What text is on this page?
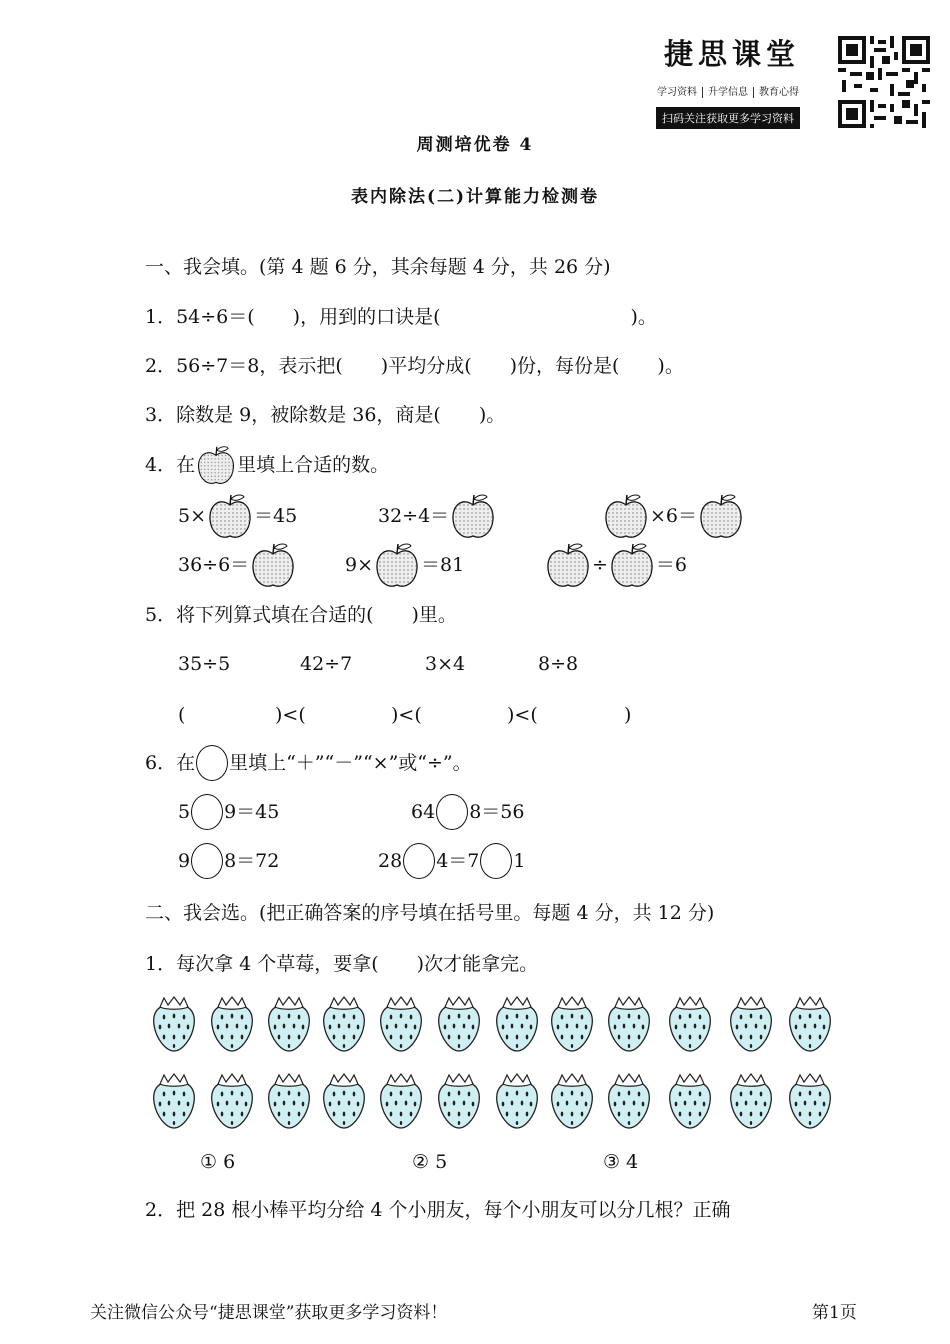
捷思课堂
学习资料 升学信息 教育心得
扫码关注获取更多学习资料
周测培优卷 4
表内除法(二)计算能力检测卷
一、我会填。(第 4 题 6 分，其余每题 4 分，共 26 分)
1．54÷6＝(　　)，用到的口诀是(　　　　　　　　　　)。
2．56÷7＝8，表示把(　　)平均分成(　　)份，每份是(　　)。
3．除数是 9，被除数是 36，商是(　　)。
4．在 里填上合适的数。
5×	＝45	32÷4＝	×6＝
36÷6＝	9×	＝81	÷	＝6
5．将下列算式填在合适的(　　)里。
35÷5	42÷7	3×4	8÷8
(	)<(	)<(	)<(	)
6．在 里填上“＋”“－”“×”或“÷”。
5 9＝45	64 8＝56
9 8＝72	28 4＝7 1
二、我会选。(把正确答案的序号填在括号里。每题 4 分，共 12 分)
1．每次拿 4 个草莓，要拿(　　)次才能拿完。
① 6	② 5	③ 4
2．把 28 根小棒平均分给 4 个小朋友，每个小朋友可以分几根？正确
关注微信公众号“捷思课堂”获取更多学习资料！	第1页
